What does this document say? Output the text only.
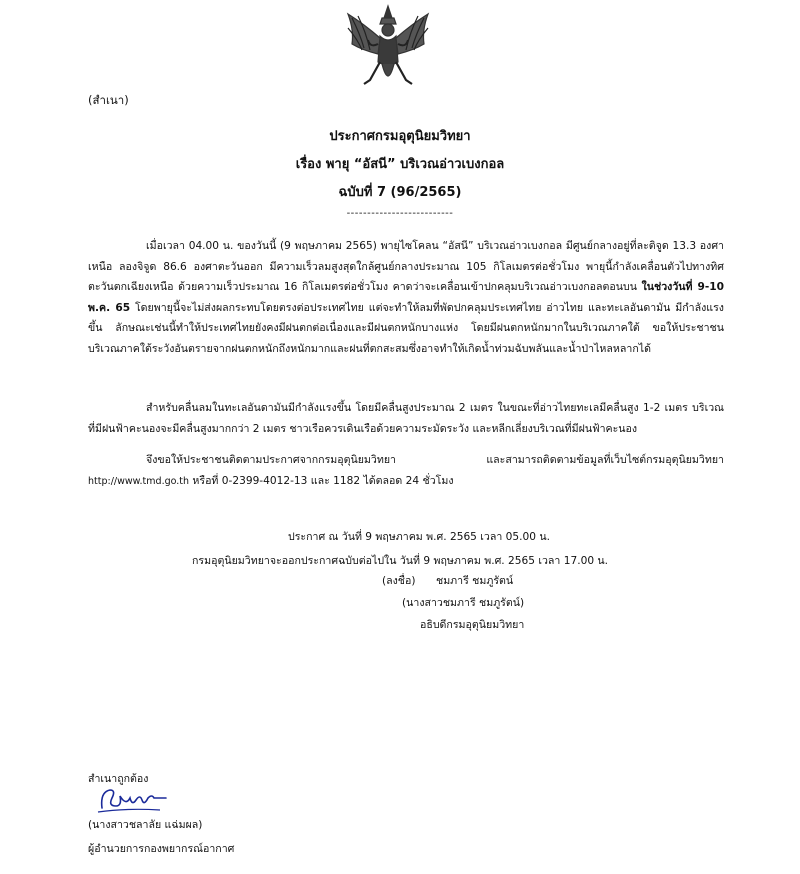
(สำเนา)
ประกาศกรมอุตุนิยมวิทยา
เรื่อง พายุ “อัสนี” บริเวณอ่าวเบงกอล
ฉบับที่ 7 (96/2565)
--------------------------
เมื่อเวลา 04.00 น. ของวันนี้ (9 พฤษภาคม 2565) พายุไซโคลน “อัสนี” บริเวณอ่าวเบงกอล มีศูนย์กลางอยู่ที่ละติจูด 13.3 องศาเหนือ ลองจิจูด 86.6 องศาตะวันออก มีความเร็วลมสูงสุดใกล้ศูนย์กลางประมาณ 105 กิโลเมตรต่อชั่วโมง พายุนี้กำลังเคลื่อนตัวไปทางทิศตะวันตกเฉียงเหนือ ด้วยความเร็วประมาณ 16 กิโลเมตรต่อชั่วโมง คาดว่าจะเคลื่อนเข้าปกคลุมบริเวณอ่าวเบงกอลตอนบน ในช่วงวันที่ 9-10 พ.ค. 65 โดยพายุนี้จะไม่ส่งผลกระทบโดยตรงต่อประเทศไทย แต่จะทำให้ลมที่พัดปกคลุมประเทศไทย อ่าวไทย และทะเลอันดามัน มีกำลังแรงขึ้น ลักษณะเช่นนี้ทำให้ประเทศไทยยังคงมีฝนตกต่อเนื่องและมีฝนตกหนักบางแห่ง โดยมีฝนตกหนักมากในบริเวณภาคใต้ ขอให้ประชาชนบริเวณภาคใต้ระวังอันตรายจากฝนตกหนักถึงหนักมากและฝนที่ตกสะสมซึ่งอาจทำให้เกิดน้ำท่วมฉับพลันและน้ำป่าไหลหลากได้
สำหรับคลื่นลมในทะเลอันดามันมีกำลังแรงขึ้น โดยมีคลื่นสูงประมาณ 2 เมตร ในขณะที่อ่าวไทยทะเลมีคลื่นสูง 1-2 เมตร บริเวณที่มีฝนฟ้าคะนองจะมีคลื่นสูงมากกว่า 2 เมตร ชาวเรือควรเดินเรือด้วยความระมัดระวัง และหลีกเลี่ยงบริเวณที่มีฝนฟ้าคะนอง
จึงขอให้ประชาชนติดตามประกาศจากกรมอุตุนิยมวิทยา และสามารถติดตามข้อมูลที่เว็บไซต์กรมอุตุนิยมวิทยา http://www.tmd.go.th หรือที่ 0-2399-4012-13 และ 1182 ได้ตลอด 24 ชั่วโมง
ประกาศ ณ วันที่ 9 พฤษภาคม พ.ศ. 2565 เวลา 05.00 น.
กรมอุตุนิยมวิทยาจะออกประกาศฉบับต่อไปใน วันที่ 9 พฤษภาคม พ.ศ. 2565 เวลา 17.00 น.
(ลงชื่อ) ชมภารี ชมภูรัตน์
(นางสาวชมภารี ชมภูรัตน์)
อธิบดีกรมอุตุนิยมวิทยา
สำเนาถูกต้อง
(นางสาวชลาลัย แฉ่มผล)
ผู้อำนวยการกองพยากรณ์อากาศ
